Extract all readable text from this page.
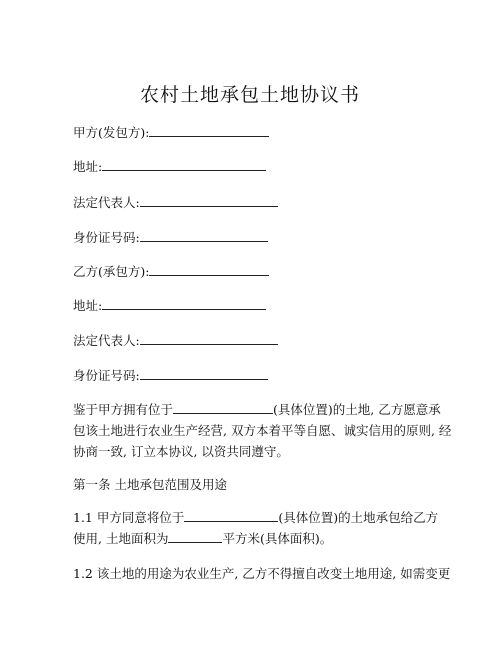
农村土地承包土地协议书
甲方(发包方):
地址:
法定代表人:
身份证号码:
乙方(承包方):
地址:
法定代表人:
身份证号码:
鉴于甲方拥有位于	(具体位置)的土地, 乙方愿意承
包该土地进行农业生产经营, 双方本着平等自愿、诚实信用的原则, 经
协商一致, 订立本协议, 以资共同遵守。
第一条 土地承包范围及用途
1.1 甲方同意将位于	(具体位置)的土地承包给乙方
使用, 土地面积为	平方米(具体面积)。
1.2 该土地的用途为农业生产, 乙方不得擅自改变土地用途, 如需变更
